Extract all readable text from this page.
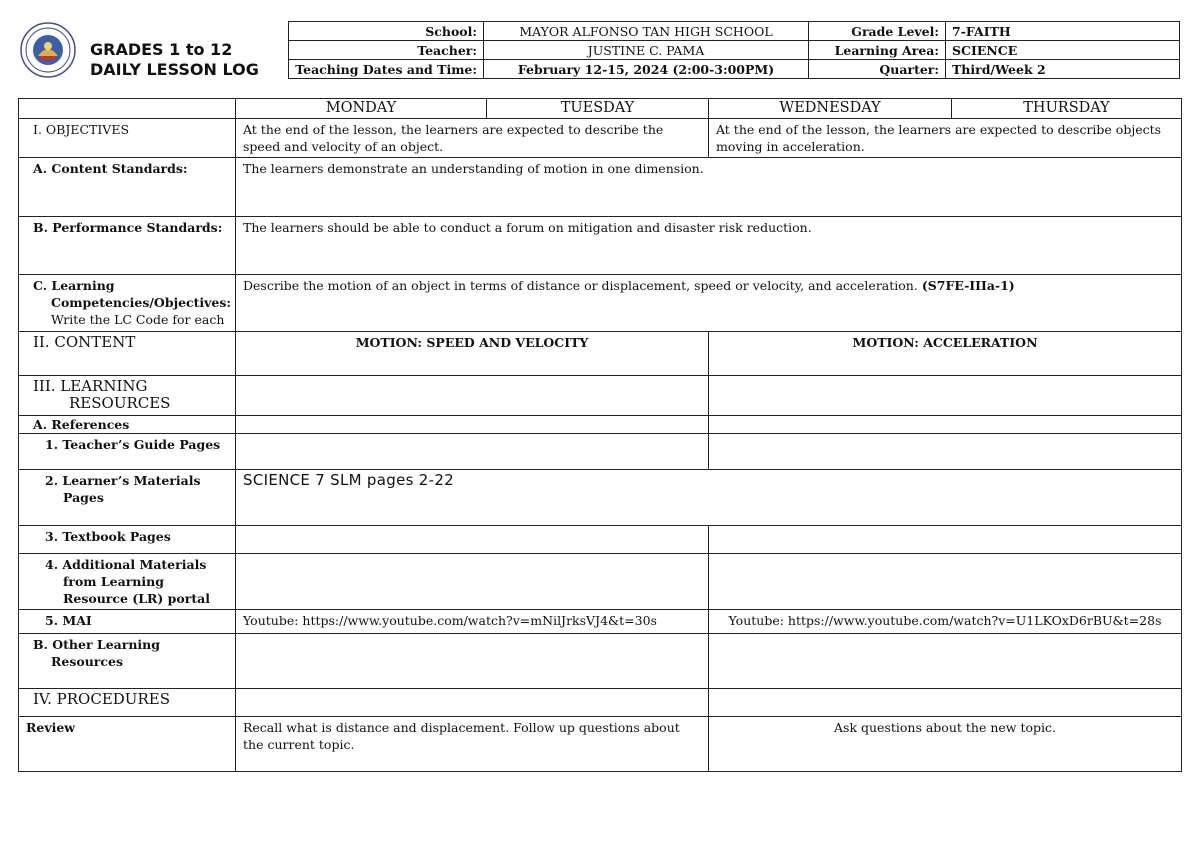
GRADES 1 to 12
DAILY LESSON LOG
School:	MAYOR ALFONSO TAN HIGH SCHOOL	Grade Level:	7-FAITH
Teacher:	JUSTINE C. PAMA	Learning Area:	SCIENCE
Teaching Dates and Time:	February 12-15, 2024 (2:00-3:00PM)	Quarter:	Third/Week 2
	MONDAY	TUESDAY	WEDNESDAY	THURSDAY
I. OBJECTIVES	At the end of the lesson, the learners are expected to describe the speed and velocity of an object.		At the end of the lesson, the learners are expected to describe objects moving in acceleration.	
A. Content Standards:	The learners demonstrate an understanding of motion in one dimension.			
B. Performance Standards:	The learners should be able to conduct a forum on mitigation and disaster risk reduction.			
C. Learning
Competencies/Objectives:
Write the LC Code for each	Describe the motion of an object in terms of distance or displacement, speed or velocity, and acceleration. (S7FE-IIIa-1)			
II. CONTENT	MOTION: SPEED AND VELOCITY		MOTION: ACCELERATION	
III. LEARNING
RESOURCES				

A. References				
1. Teacher’s Guide Pages				
2. Learner’s Materials
Pages	SCIENCE 7 SLM pages 2-22			
3. Textbook Pages				
4. Additional Materials
from Learning
Resource (LR) portal				

5. MAI	Youtube: https://www.youtube.com/watch?v=mNilJrksVJ4&t=30s		Youtube: https://www.youtube.com/watch?v=U1LKOxD6rBU&t=28s	
B. Other Learning
Resources				

IV. PROCEDURES				
Review	Recall what is distance and displacement. Follow up questions about the current topic.		Ask questions about the new topic.	
